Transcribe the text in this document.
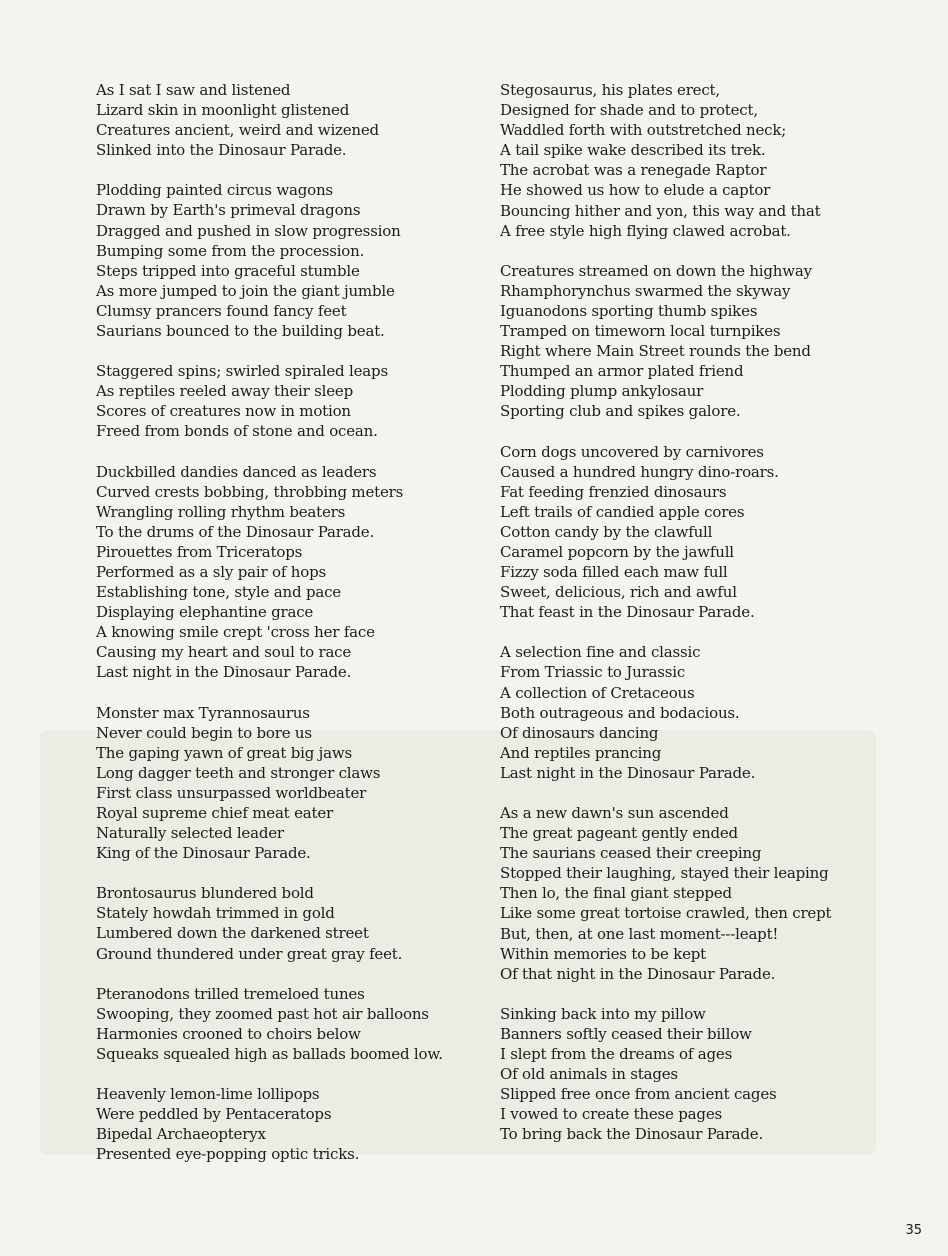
As I sat I saw and listened
Lizard skin in moonlight glistened
Creatures ancient, weird and wizened
Slinked into the Dinosaur Parade.
Plodding painted circus wagons
Drawn by Earth's primeval dragons
Dragged and pushed in slow progression
Bumping some from the procession.
Steps tripped into graceful stumble
As more jumped to join the giant jumble
Clumsy prancers found fancy feet
Saurians bounced to the building beat.
Staggered spins; swirled spiraled leaps
As reptiles reeled away their sleep
Scores of creatures now in motion
Freed from bonds of stone and ocean.
Duckbilled dandies danced as leaders
Curved crests bobbing, throbbing meters
Wrangling rolling rhythm beaters
To the drums of the Dinosaur Parade.
Pirouettes from Triceratops
Performed as a sly pair of hops
Establishing tone, style and pace
Displaying elephantine grace
A knowing smile crept 'cross her face
Causing my heart and soul to race
Last night in the Dinosaur Parade.
Monster max Tyrannosaurus
Never could begin to bore us
The gaping yawn of great big jaws
Long dagger teeth and stronger claws
First class unsurpassed worldbeater
Royal supreme chief meat eater
Naturally selected leader
King of the Dinosaur Parade.
Brontosaurus blundered bold
Stately howdah trimmed in gold
Lumbered down the darkened street
Ground thundered under great gray feet.
Pteranodons trilled tremeloed tunes
Swooping, they zoomed past hot air balloons
Harmonies crooned to choirs below
Squeaks squealed high as ballads boomed low.
Heavenly lemon-lime lollipops
Were peddled by Pentaceratops
Bipedal Archaeopteryx
Presented eye-popping optic tricks.
Stegosaurus, his plates erect,
Designed for shade and to protect,
Waddled forth with outstretched neck;
A tail spike wake described its trek.
The acrobat was a renegade Raptor
He showed us how to elude a captor
Bouncing hither and yon, this way and that
A free style high flying clawed acrobat.
Creatures streamed on down the highway
Rhamphorynchus swarmed the skyway
Iguanodons sporting thumb spikes
Tramped on timeworn local turnpikes
Right where Main Street rounds the bend
Thumped an armor plated friend
Plodding plump ankylosaur
Sporting club and spikes galore.
Corn dogs uncovered by carnivores
Caused a hundred hungry dino-roars.
Fat feeding frenzied dinosaurs
Left trails of candied apple cores
Cotton candy by the clawfull
Caramel popcorn by the jawfull
Fizzy soda filled each maw full
Sweet, delicious, rich and awful
That feast in the Dinosaur Parade.
A selection fine and classic
From Triassic to Jurassic
A collection of Cretaceous
Both outrageous and bodacious.
Of dinosaurs dancing
And reptiles prancing
Last night in the Dinosaur Parade.
As a new dawn's sun ascended
The great pageant gently ended
The saurians ceased their creeping
Stopped their laughing, stayed their leaping
Then lo, the final giant stepped
Like some great tortoise crawled, then crept
But, then, at one last moment---leapt!
Within memories to be kept
Of that night in the Dinosaur Parade.
Sinking back into my pillow
Banners softly ceased their billow
I slept from the dreams of ages
Of old animals in stages
Slipped free once from ancient cages
I vowed to create these pages
To bring back the Dinosaur Parade.
35
